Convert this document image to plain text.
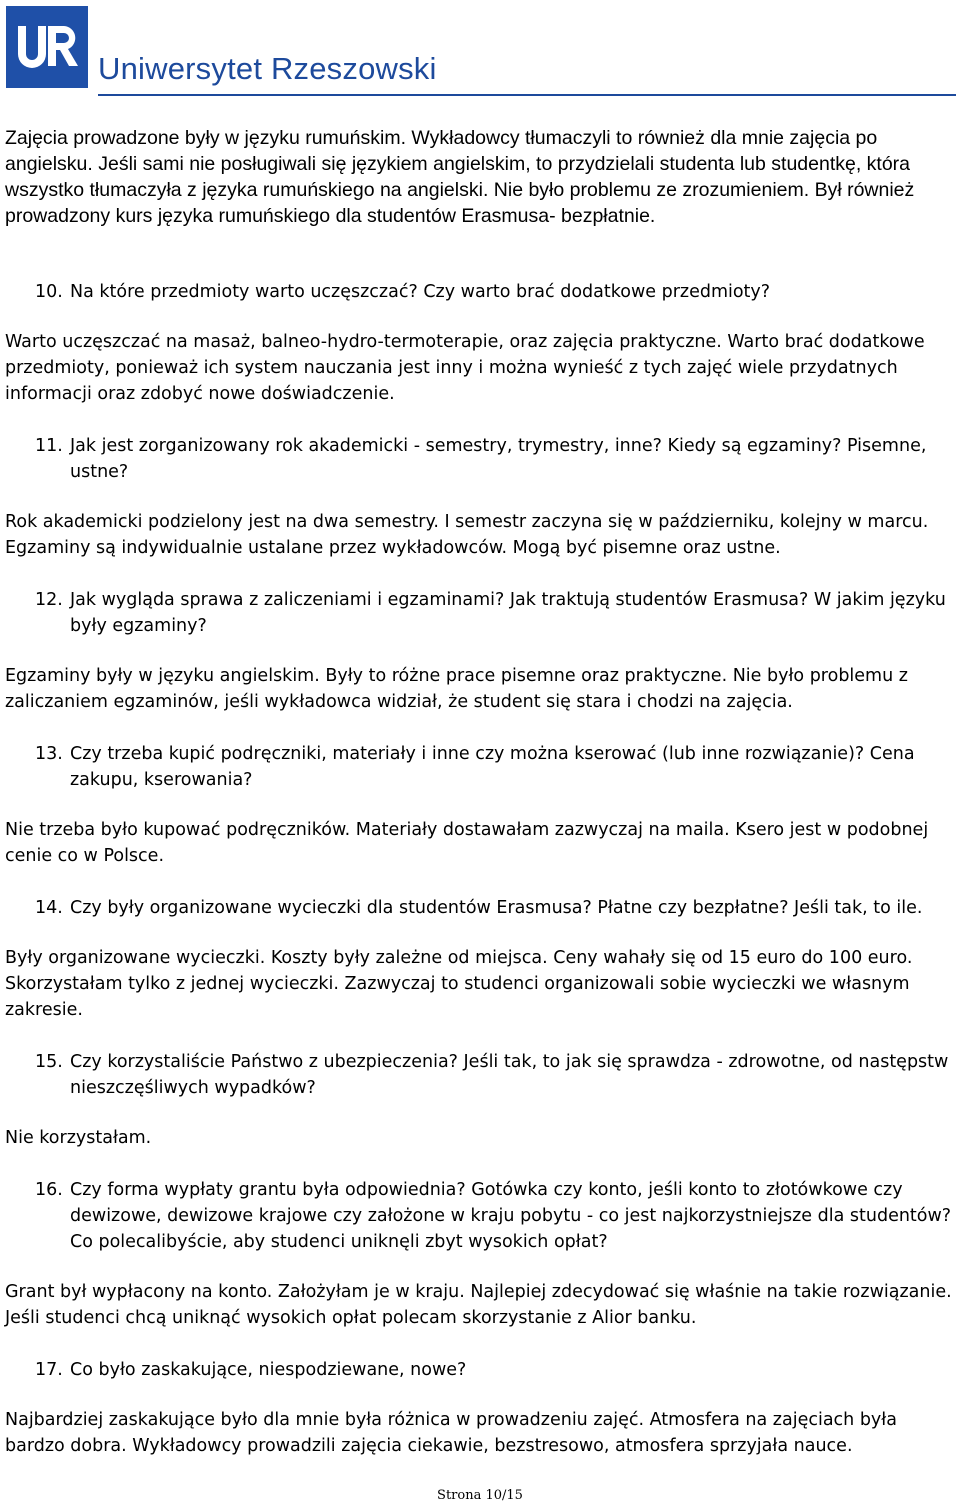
Uniwersytet Rzeszowski

Zajęcia prowadzone były w języku rumuńskim. Wykładowcy tłumaczyli to również dla mnie zajęcia po angielsku. Jeśli sami nie posługiwali się językiem angielskim, to przydzielali studenta lub studentkę, która wszystko tłumaczyła z języka rumuńskiego na angielski. Nie było problemu ze zrozumieniem. Był również prowadzony kurs języka rumuńskiego dla studentów Erasmusa- bezpłatnie.

10. Na które przedmioty warto uczęszczać? Czy warto brać dodatkowe przedmioty?

Warto uczęszczać na masaż, balneo-hydro-termoterapie, oraz zajęcia praktyczne. Warto brać dodatkowe przedmioty, ponieważ ich system nauczania jest inny i można wynieść z tych zajęć wiele przydatnych informacji oraz zdobyć nowe doświadczenie.

11. Jak jest zorganizowany rok akademicki - semestry, trymestry, inne? Kiedy są egzaminy? Pisemne, ustne?

Rok akademicki podzielony jest na dwa semestry. I semestr zaczyna się w październiku, kolejny w marcu. Egzaminy są indywidualnie ustalane przez wykładowców. Mogą być pisemne oraz ustne.

12. Jak wygląda sprawa z zaliczeniami i egzaminami? Jak traktują studentów Erasmusa? W jakim języku były egzaminy?

Egzaminy były w języku angielskim. Były to różne prace pisemne oraz praktyczne. Nie było problemu z zaliczaniem egzaminów, jeśli wykładowca widział, że student się stara i chodzi na zajęcia.

13. Czy trzeba kupić podręczniki, materiały i inne czy można kserować (lub inne rozwiązanie)? Cena zakupu, kserowania?

Nie trzeba było kupować podręczników. Materiały dostawałam zazwyczaj na maila. Ksero jest w podobnej cenie co w Polsce.

14. Czy były organizowane wycieczki dla studentów Erasmusa? Płatne czy bezpłatne? Jeśli tak, to ile.

Były organizowane wycieczki. Koszty były zależne od miejsca. Ceny wahały się od 15 euro do 100 euro. Skorzystałam tylko z jednej wycieczki. Zazwyczaj to studenci organizowali sobie wycieczki we własnym zakresie.

15. Czy korzystaliście Państwo z ubezpieczenia? Jeśli tak, to jak się sprawdza - zdrowotne, od następstw nieszczęśliwych wypadków?

Nie korzystałam.

16. Czy forma wypłaty grantu była odpowiednia? Gotówka czy konto, jeśli konto to złotówkowe czy dewizowe, dewizowe krajowe czy założone w kraju pobytu - co jest najkorzystniejsze dla studentów? Co polecalibyście, aby studenci uniknęli zbyt wysokich opłat?

Grant był wypłacony na konto. Założyłam je w kraju. Najlepiej zdecydować się właśnie na takie rozwiązanie. Jeśli studenci chcą uniknąć wysokich opłat polecam skorzystanie z Alior banku.

17. Co było zaskakujące, niespodziewane, nowe?

Najbardziej zaskakujące było dla mnie była różnica w prowadzeniu zajęć. Atmosfera na zajęciach była bardzo dobra. Wykładowcy prowadzili zajęcia ciekawie, bezstresowo, atmosfera sprzyjała nauce.

Strona 10/15
